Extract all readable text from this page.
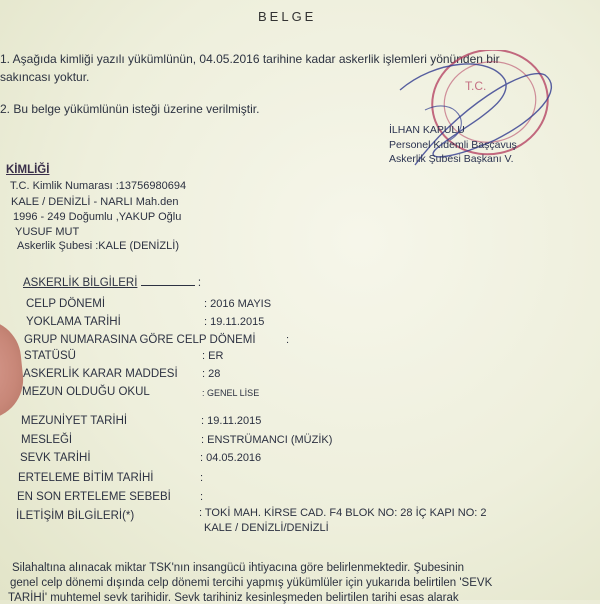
BELGE
1. Aşağıda kimliği yazılı yükümlünün, 04.05.2016 tarihine kadar askerlik işlemleri yönünden bir
sakıncası yoktur.
2. Bu belge yükümlünün isteği üzerine verilmiştir.
T.C.
İLHAN KAPULU
Personel Kıdemli Başçavuş
Askerlik Şubesi Başkanı V.
KİMLİĞİ
T.C. Kimlik Numarası :13756980694
KALE / DENİZLİ - NARLI Mah.den
1996 - 249 Doğumlu ,YAKUP Oğlu
YUSUF MUT
Askerlik Şubesi :KALE (DENİZLİ)
ASKERLİK BİLGİLERİ	:
CELP DÖNEMİ	: 2016 MAYIS
YOKLAMA TARİHİ	: 19.11.2015
GRUP NUMARASINA GÖRE CELP DÖNEMİ	:
STATÜSÜ	: ER
ASKERLİK KARAR MADDESİ : 28
MEZUN OLDUĞU OKUL	: GENEL LİSE
MEZUNİYET TARİHİ	: 19.11.2015
MESLEĞİ	: ENSTRÜMANCI (MÜZİK)
SEVK TARİHİ	: 04.05.2016
ERTELEME BİTİM TARİHİ	:
EN SON ERTELEME SEBEBİ	:
İLETİŞİM BİLGİLERİ(*)	: TOKİ MAH. KİRSE CAD. F4 BLOK NO: 28 İÇ KAPI NO: 2
KALE / DENİZLİ/DENİZLİ
Silahaltına alınacak miktar TSK'nın insangücü ihtiyacına göre belirlenmektedir. Şubesinin
genel celp dönemi dışında celp dönemi tercihi yapmış yükümlüler için yukarıda belirtilen 'SEVK
TARİHİ' muhtemel sevk tarihidir. Sevk tarihiniz kesinleşmeden belirtilen tarihi esas alarak
